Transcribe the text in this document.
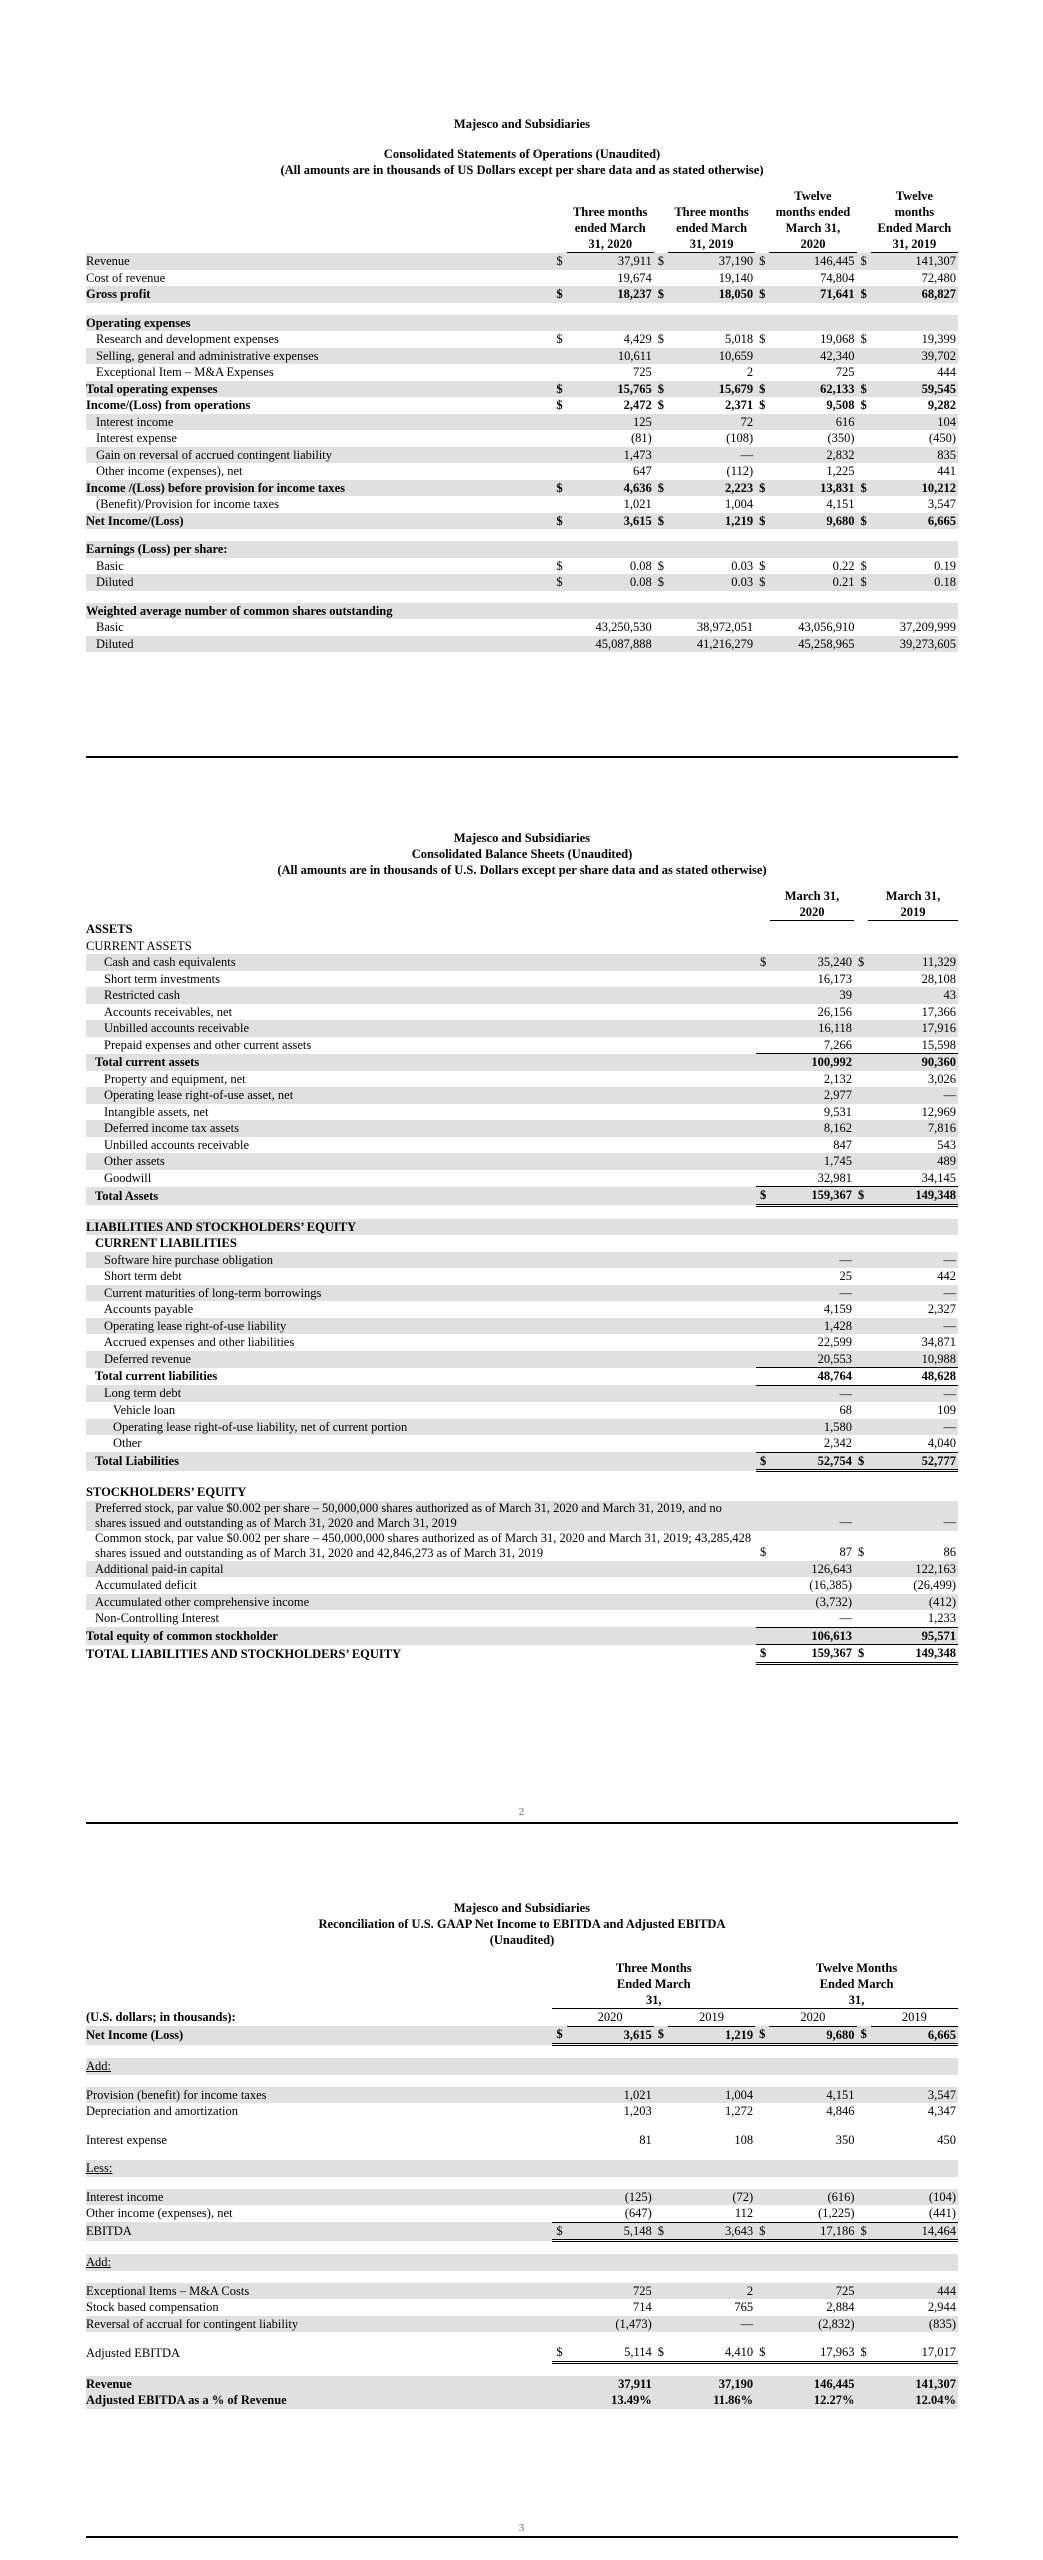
Majesco and Subsidiaries
Consolidated Statements of Operations (Unaudited)
(All amounts are in thousands of US Dollars except per share data and as stated otherwise)
		Three months ended March 31, 2020		Three months ended March 31, 2019		Twelve months ended March 31, 2020		Twelve months Ended March 31, 2019
Revenue	$	37,911	$	37,190	$	146,445	$	141,307
Cost of revenue		19,674		19,140		74,804		72,480
Gross profit	$	18,237	$	18,050	$	71,641	$	68,827

Operating expenses								
Research and development expenses	$	4,429	$	5,018	$	19,068	$	19,399
Selling, general and administrative expenses		10,611		10,659		42,340		39,702
Exceptional Item – M&A Expenses		725		2		725		444
Total operating expenses	$	15,765	$	15,679	$	62,133	$	59,545
Income/(Loss) from operations	$	2,472	$	2,371	$	9,508	$	9,282
Interest income		125		72		616		104
Interest expense		(81)		(108)		(350)		(450)
Gain on reversal of accrued contingent liability		1,473		—		2,832		835
Other income (expenses), net		647		(112)		1,225		441
Income /(Loss) before provision for income taxes	$	4,636	$	2,223	$	13,831	$	10,212
(Benefit)/Provision for income taxes		1,021		1,004		4,151		3,547
Net Income/(Loss)	$	3,615	$	1,219	$	9,680	$	6,665

Earnings (Loss) per share:								
Basic	$	0.08	$	0.03	$	0.22	$	0.19
Diluted	$	0.08	$	0.03	$	0.21	$	0.18

Weighted average number of common shares outstanding								
Basic		43,250,530		38,972,051		43,056,910		37,209,999
Diluted		45,087,888		41,216,279		45,258,965		39,273,605
Majesco and Subsidiaries
Consolidated Balance Sheets (Unaudited)
(All amounts are in thousands of U.S. Dollars except per share data and as stated otherwise)
		March 31, 2020		March 31, 2019
ASSETS				
CURRENT ASSETS				
Cash and cash equivalents	$	35,240	$	11,329
Short term investments		16,173		28,108
Restricted cash		39		43
Accounts receivables, net		26,156		17,366
Unbilled accounts receivable		16,118		17,916
Prepaid expenses and other current assets		7,266		15,598
Total current assets		100,992		90,360
Property and equipment, net		2,132		3,026
Operating lease right-of-use asset, net		2,977		—
Intangible assets, net		9,531		12,969
Deferred income tax assets		8,162		7,816
Unbilled accounts receivable		847		543
Other assets		1,745		489
Goodwill		32,981		34,145
Total Assets	$	159,367	$	149,348

LIABILITIES AND STOCKHOLDERS’ EQUITY				
CURRENT LIABILITIES				
Software hire purchase obligation		—		—
Short term debt		25		442
Current maturities of long-term borrowings		—		—
Accounts payable		4,159		2,327
Operating lease right-of-use liability		1,428		—
Accrued expenses and other liabilities		22,599		34,871
Deferred revenue		20,553		10,988
Total current liabilities		48,764		48,628
Long term debt		—		—
Vehicle loan		68		109
Operating lease right-of-use liability, net of current portion		1,580		—
Other		2,342		4,040
Total Liabilities	$	52,754	$	52,777

STOCKHOLDERS’ EQUITY				
Preferred stock, par value $0.002 per share – 50,000,000 shares authorized as of March 31, 2020 and March 31, 2019, and no shares issued and outstanding as of March 31, 2020 and March 31, 2019		—		—
Common stock, par value $0.002 per share – 450,000,000 shares authorized as of March 31, 2020 and March 31, 2019; 43,285,428 shares issued and outstanding as of March 31, 2020 and 42,846,273 as of March 31, 2019	$	87	$	86
Additional paid-in capital		126,643		122,163
Accumulated deficit		(16,385)		(26,499)
Accumulated other comprehensive income		(3,732)		(412)
Non-Controlling Interest		—		1,233
Total equity of common stockholder		106,613		95,571
TOTAL LIABILITIES AND STOCKHOLDERS’ EQUITY	$	159,367	$	149,348
2
Majesco and Subsidiaries
Reconciliation of U.S. GAAP Net Income to EBITDA and Adjusted EBITDA
(Unaudited)
	Three Months Ended March 31,				Twelve Months Ended March 31,			
(U.S. dollars; in thousands):		2020		2019		2020		2019
Net Income (Loss)	$	3,615	$	1,219	$	9,680	$	6,665

Add:								

Provision (benefit) for income taxes		1,021		1,004		4,151		3,547
Depreciation and amortization		1,203		1,272		4,846		4,347

Interest expense		81		108		350		450

Less:								

Interest income		(125)		(72)		(616)		(104)
Other income (expenses), net		(647)		112		(1,225)		(441)
EBITDA	$	5,148	$	3,643	$	17,186	$	14,464

Add:								

Exceptional Items – M&A Costs		725		2		725		444
Stock based compensation		714		765		2,884		2,944
Reversal of accrual for contingent liability		(1,473)		—		(2,832)		(835)

Adjusted EBITDA	$	5,114	$	4,410	$	17,963	$	17,017

Revenue		37,911		37,190		146,445		141,307
Adjusted EBITDA as a % of Revenue		13.49%		11.86%		12.27%		12.04%
3
